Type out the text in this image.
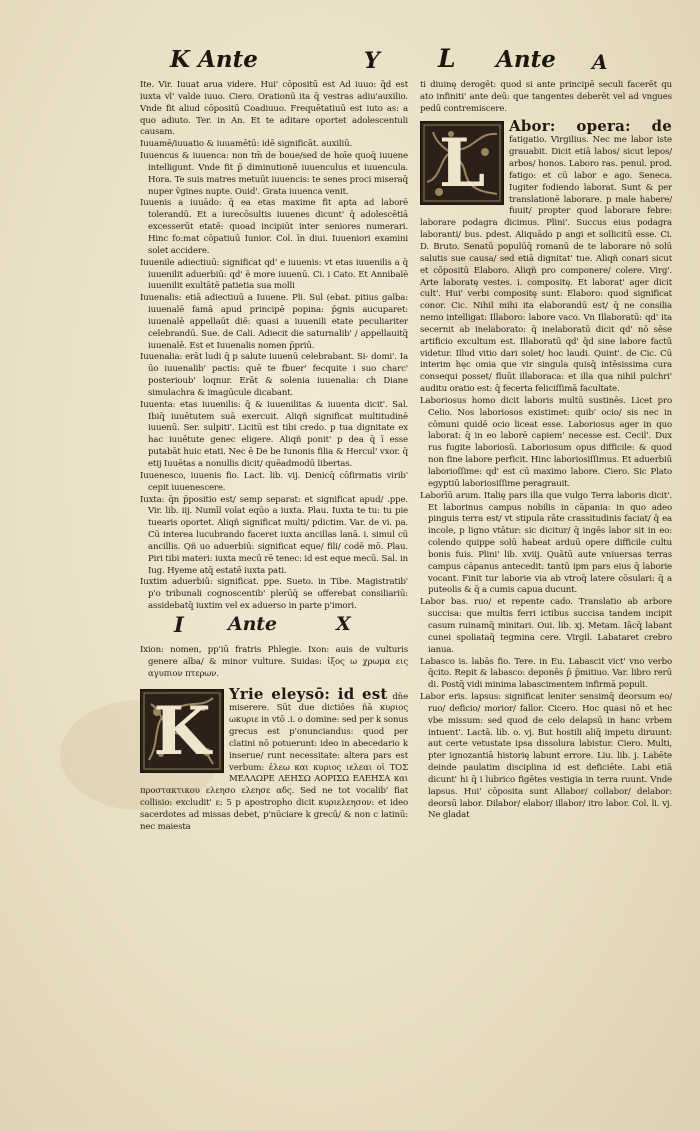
K Ante	Y L Ante A

Ite. Vir. Iuuat arua videre. Hui' cōpositū est Ad iuuo: q̄d est iuxta vl' valde iuuo. Ciero. Orationū ita q̄ vestras adiu'auxilio. Vnde fit aliud cōpositū Coadiuuo. Frequētatiuū est iuto as: a quo adiuto. Ter. in An. Et te aditare oportet adolescentuli causam.

Iuuamē/iuuatio & iuuamētū: idē significāt. auxiliū.

Iuuencus & iuuenca: non tm̄ de boue/sed de hoīe quoq̄ iuuene intelligunt. Vnde fit p̄ diminutionē iuuenculus et iuuencula. Hora. Te suis matres metuūt iuuencis: te senes proci miseraq̄ nuper v̄gines nupte. Ouid'. Grata iuuenca venit.

Iuuenis a iuuādo: q̄ ea etas maxime fit apta ad laborē tolerandū. Et a iurecōsultis iuuenes dicunt' q̄ adolescētiā excesserūt etatē: quoad incipiūt inter seniores numerari. Hinc fo:mat cōpatiuū Iunior. Col. īn diui. Iuueniori examini solet accidere.

Iuuenile adiectiuū: significat qd' e iuuenis: vt etas iuuenilis a q̄ iuuenilit aduerbiū: qd' ē more iuuenū. Ci. i Cato. Et Annibalē iuuenilit exultātē patietia sua molli

Iuuenalis: etiā adiectiuū a Iuuene. Pli. Sul (ebat. pitius galba: iuuenalē famā apud principē popina: p̄gnis aucuparet: iuuenalē appellaūt diē: quasi a iuuenili etate peculiariter celebrandū. Sue. de Cali. Adiecit die saturnalib' / appellauitq̄ iuuenalē. Est et Iuuenalis nomen p̄priū.

Iuuenalia: erāt ludi q̄ p salute iuuenū celebrabant. Si- domi'. Ia ūo iuuenalib' pactis: quē te fbuer' fecquite i suo charc' posterioub' loqnur. Erāt & solenia iuuenalia: ch Diane simulachra & imagūcule dicabant.

Iuuenta: etas iuuenilis: q̄ & iuuenilitas & iuuenta dicit'. Sal. Ibiq̄ iuuētutem suā exercuit. Aliqñ significat multitudinē iuuenū. Ser. sulpiti'. Licitū est tibi credo. p tua dignitate ex hac iuuētute genec eligere. Aliqñ ponit' p dea q̄ ī esse putabāt huic etati. Nec ē De be Iunonis filia & Hercul' vxor. q̄ etij Iuuētas a nonullis dicit/ quēadmodū libertas.

Iuuenesco, iuuenis fio. Lact. lib. vij. Denicq̄ cōfirmatis virib' cepit iuuenescere.

Iuxta: q̄n p̄positio est/ semp separat: et significat apud/ .ppe. Vir. lib. iij. Numīl volat eqūo a iuxta. Plau. Iuxta te tu: tu pie tuearis oportet. Aliqñ significat multi/ pdictim. Var. de vi. pa. Cū interea lucubrando faceret iuxta ancillas lanā. i. simul cū ancillis. Qñ uo aduerbiū: significat eque/ fili/ codē mō. Plau. Piri tibi materi: iuxta mecū rē tenec: id est eque mecū. Sal. in Iug. Hyeme atq̄ estatē iuxta pati.

Iuxtim aduerbiū: significat. ppe. Sueto. in Tibe. Magistratib' p'o tribunali cognoscentib' plerūq̄ se offerebat consiliariū: assidebatq̄ iuxtim vel ex aduerso in parte p'imori.

I Ante	X

Ixion: nomen, pp'iū fratris Phlegie. Ixon: auis de vulturis genere alba/ & minor vulture. Suidas: ἰξος ω χρωμα εις αγυπιον πτερων.

K	Yrie eleysō: id est dn̄e miserere. Sūt due dictiōes ñā κυριος ωκυριε in vtō .i. o domine: sed per k sonus grecus est p'onunciandus: quod per clatini nō potuerunt: ideo in abecedario k inserue/ runt necessitate: altera pars est verbum: ἐλεω και κυριος ιελεαι οἱ ΤΟΣ ΜΕΛΛΩΡΕ ΛΕΗΣΩ ΑΟΡΙΣΩ ΕΛΕΗΣΑ και προστακτικου ελεησο ελεησε αδς. Sed ne tot vocalib' fiat collisio: excludit' ε: 5 p apostropho dicit κυριελεησον: et ideo sacerdotes ad missas debet, p'nūciare k grecū/ & non c latinū: nec maiesta

ti diuinę derogēt: quod si ante principē seculi facerēt qu ato infiniti' ante deū: que tangentes deberēt vel ad vngues pedū contremiscere.

L	Abor: opera: de fatigatio. Virgilius. Nec me labor iste grauabit. Dicit etiā labos/ sicut lepos/ arbos/ honos. Laboro ras. penul. prod. fatigo: et cū labor e ago. Seneca. Iugiter fodiendo laborat. Sunt & per translationē laborare. p male habere/ fuuit/ propter quod laborare febre: laborare podagra dicimus. Plini'. Succus eius podagra laboranti/ bus. pdest. Aliquādo p angi et sollicitū esse. Ci. D. Bruto. Senatū populūq̄ romanū de te laborare nō solū salutis sue causa/ sed etiā dignitat' tue. Aliqñ conari sicut et cōpositū Elaboro. Aliqñ pro componere/ colere. Virg'. Arte laboratę vestes. i. compositę. Et laborat' ager dicit cult'. Hui' verbi compositę sunt: Elaboro: quod significat conor. Cic. Nihil mihi ita elaborandū est/ q̄ ne consilia nemo intelligat: Illaboro: labore vaco. Vn Illaboratū: qd' ita secernit ab inelaborato: q̄ inelaboratū dicit qd' nō sēse artificio excultum est. Illaboratū qd' q̄d sine labore factū videtur. Illud vitio dari solet/ hoc laudi. Quint'. de Cic. Cū interim hęc omia que vir singula quisq̄ intēsissima cura consequi posset/ fluūt illaboraca: et illa qua nihil pulchri' auditu oratio est: q̄ fecerta feliciſſimā facultate.

Laboriosus homo dicit laboris multū sustinēs. Licet pro Celio. Nos laboriosos existimet: quib' ocio/ sis nec in cōmuni quidē ocio liceat esse. Laboriosus ager in quo laborat: q̄ in eo laborē capiem' necesse est. Cecil'. Dux rus fugite laboriosū. Laboriosum opus difficile: & quod non fine labore perficit. Hinc laboriosiſſimus. Et aduerbiū laborioſſime: qd' est cū maximo labore. Ciero. Sic Plato egyptiū laboriosiſſime peragrauit.

Laborīū arum. Italię pars illa que vulgo Terra laboris dicit'. Et laborinus campus nobilis in cāpania: in quo adeo pinguis terra est/ vt stipula rāte crassitudinis faciat/ q̄ ea incole, p ligno vtātur: sic dicitur/ q̄ ingēs labor sit in eo: colendo quippe solū habeat arduū opere difficile cultu bonis fuis. Plini' lib. xviij. Quātū aute vniuersas terras campus cāpanus antecedit: tantū ipm pars eius q̄ laborie vocant. Finit tur laborie via ab vtroq̄ latere cōsulari: q̄ a puteolis & q̄ a cumis capua ducunt.

Labor bas. ruo/ et repente cado. Translatio ab arbore succisa: que multis ferri ictibus succisa tandem incipit casum ruinamq̄ minitari. Oui. lib. xj. Metam. Iācq̄ labant cunei spoliataq̄ tegmina cere. Virgil. Labataret crebro ianua.

Labasco is. labās fio. Tere. in Eu. Labascit vict' vno verbo q̄cito. Repit & labasco: deponēs p̄ p̄mitiuo. Var. libro rerū di. Postq̄ vidi minima labascimentem infirmā populi.

Labor eris. lapsus: significat leniter sensimq̄ deorsum eo/ ruo/ deficio/ morior/ fallor. Cicero. Hoc quasi nō et hec vbe missum: sed quod de celo delapsū in hanc vrbem intuent'. Lactā. lib. o. vj. But hostili aliq̄ impetu diruunt: aut certe vetustate ipsa dissolura labistur. Ciero. Multi, pter ignozantiā historię labunt errore. Liu. lib. j. Labēte deinde paulatim disciplina id est deficiēte. Labi etiā dicunt' hi q̄ i lubrico figētes vestigia in terra ruunt. Vnde lapsus. Hui' cōposita sunt Allabor/ collabor/ delabor: deorsū labor. Dilabor/ elabor/ illabor/ itro labor. Col. li. vj. Ne gladat
